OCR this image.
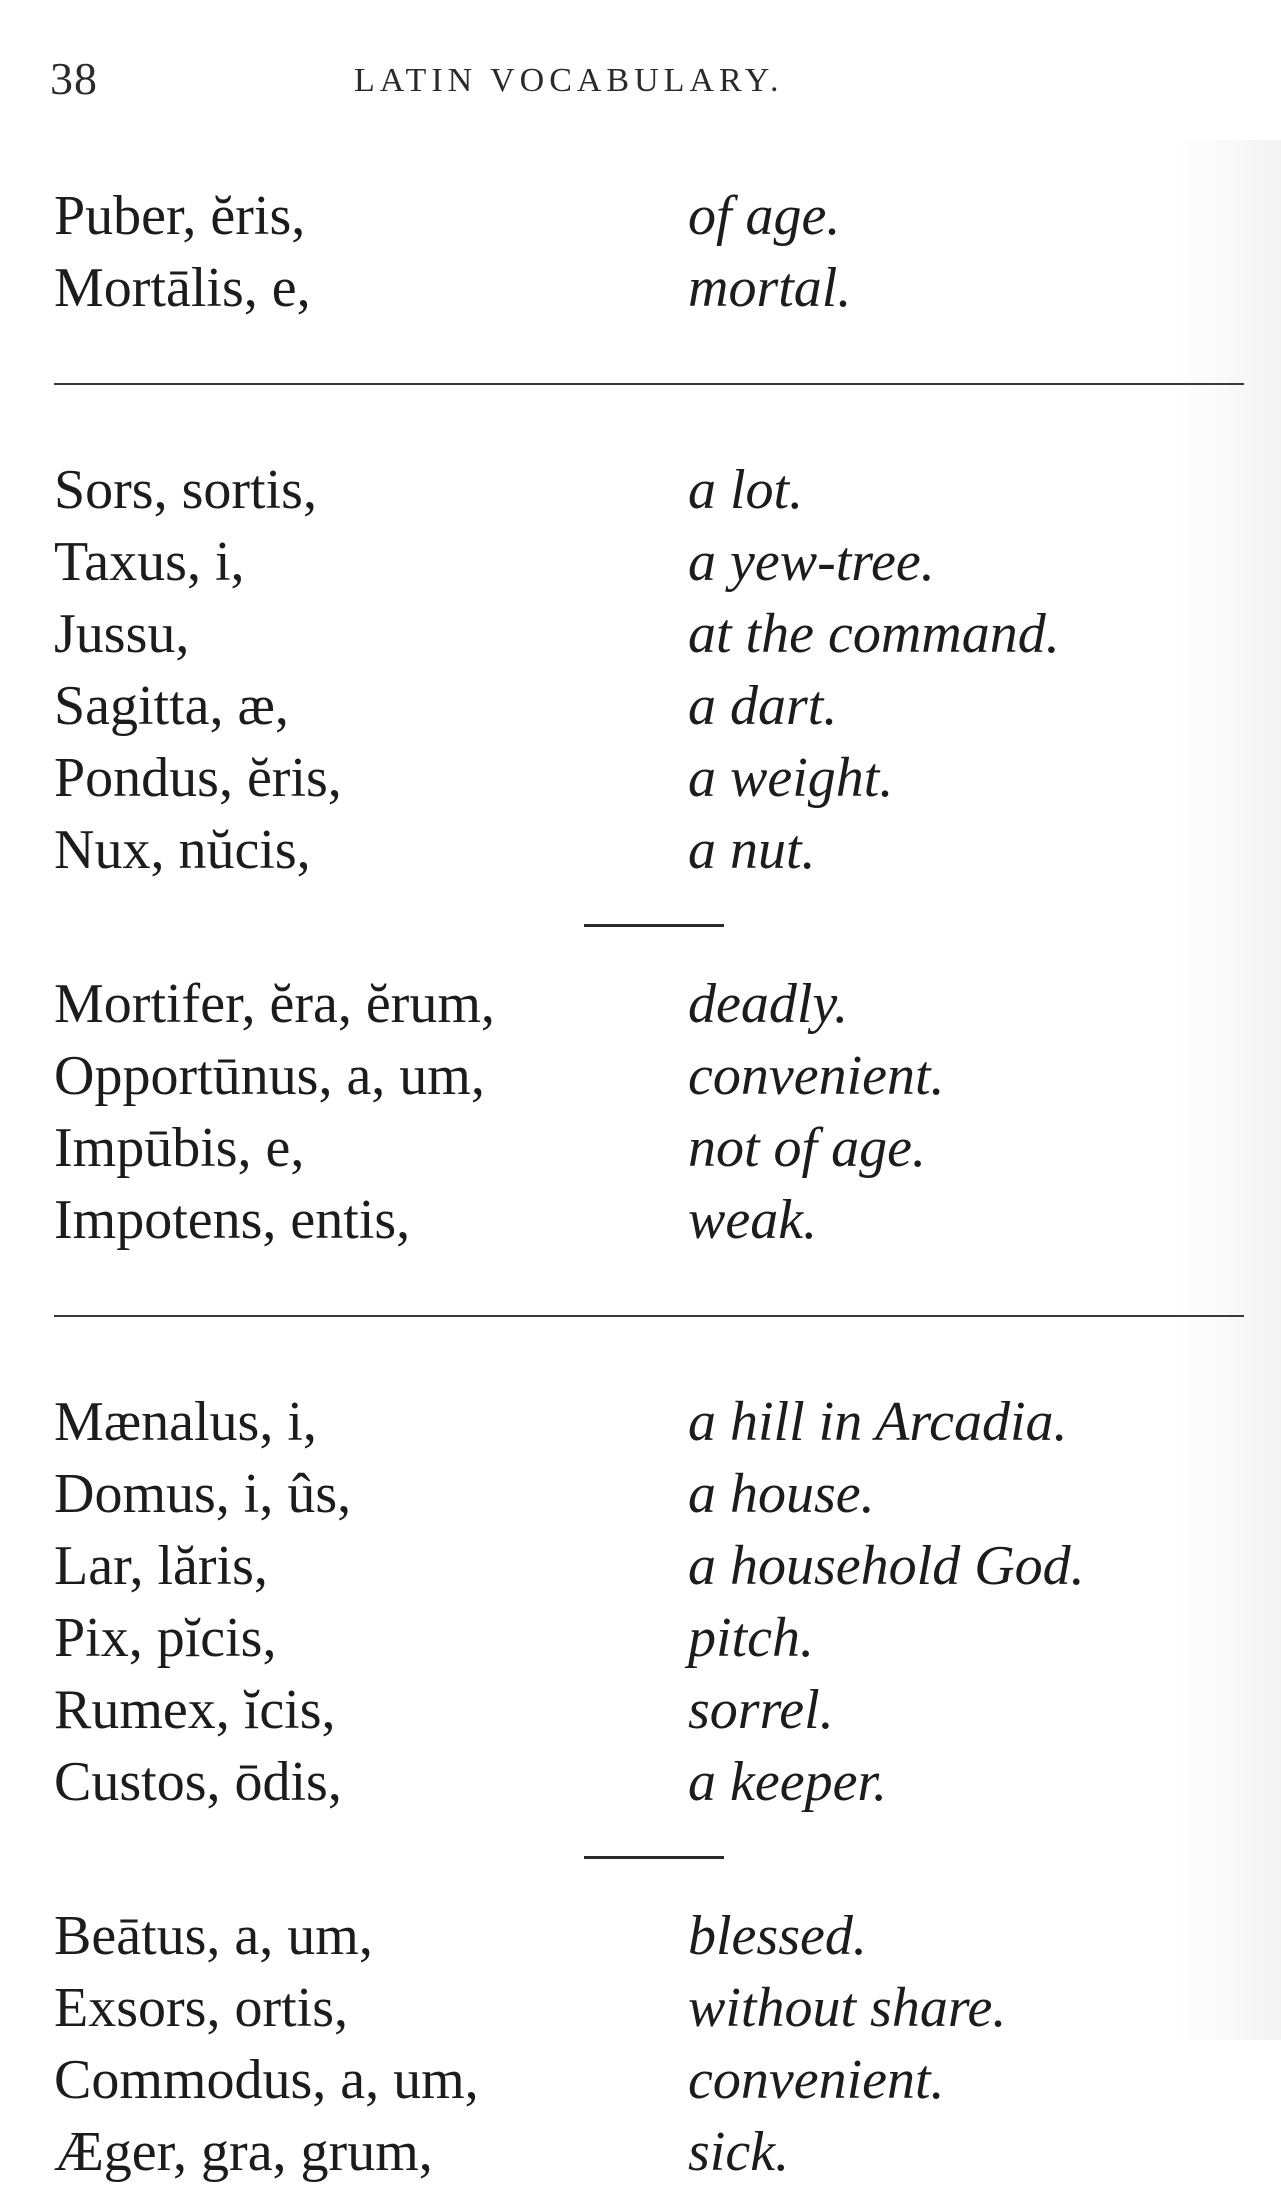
38	LATIN VOCABULARY.
Puber, ĕris,	of age.
Mortālis, e,	mortal.
Sors, sortis,	a lot.
Taxus, i,	a yew-tree.
Jussu,	at the command.
Sagitta, æ,	a dart.
Pondus, ĕris,	a weight.
Nux, nŭcis,	a nut.
Mortifer, ĕra, ĕrum,	deadly.
Opportūnus, a, um,	convenient.
Impūbis, e,	not of age.
Impotens, entis,	weak.
Mænalus, i,	a hill in Arcadia.
Domus, i, ûs,	a house.
Lar, lăris,	a household God.
Pix, pĭcis,	pitch.
Rumex, ĭcis,	sorrel.
Custos, ōdis,	a keeper.
Beātus, a, um,	blessed.
Exsors, ortis,	without share.
Commodus, a, um,	convenient.
Æger, gra, grum,	sick.
